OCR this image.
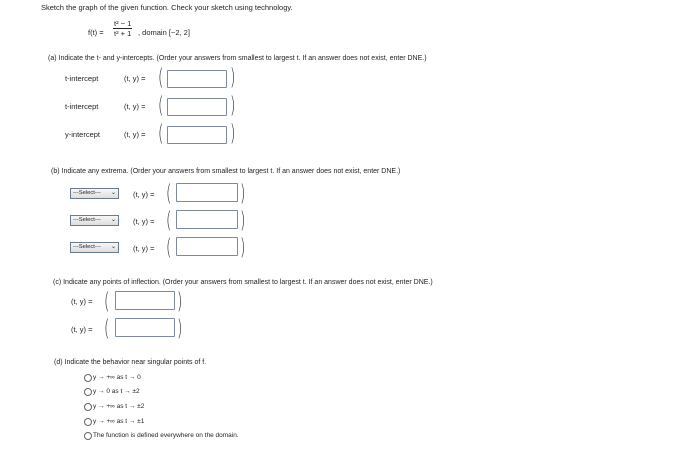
Sketch the graph of the given function. Check your sketch using technology.
$f(t) = \frac{\text{t² − 1}}{\text{t² + 1}}$ , domain [−2, 2]
(a) Indicate the t- and y-intercepts. (Order your answers from smallest to largest t. If an answer does not exist, enter DNE.)
t-intercept	(t, y) = (	)
t-intercept	(t, y) = (	)
y-intercept	(t, y) = (	)
(b) Indicate any extrema. (Order your answers from smallest to largest t. If an answer does not exist, enter DNE.)
---Select--- ⌄ (t, y) = (	)
---Select--- ⌄ (t, y) = (	)
---Select--- ⌄ (t, y) = (	)
(c) Indicate any points of inflection. (Order your answers from smallest to largest t. If an answer does not exist, enter DNE.)
(t, y) = (	)
(t, y) = (	)
(d) Indicate the behavior near singular points of f.
y → +∞ as t → 0
y → 0 as t → ±2
y → +∞ as t → ±2
y → +∞ as t → ±1
The function is defined everywhere on the domain.
